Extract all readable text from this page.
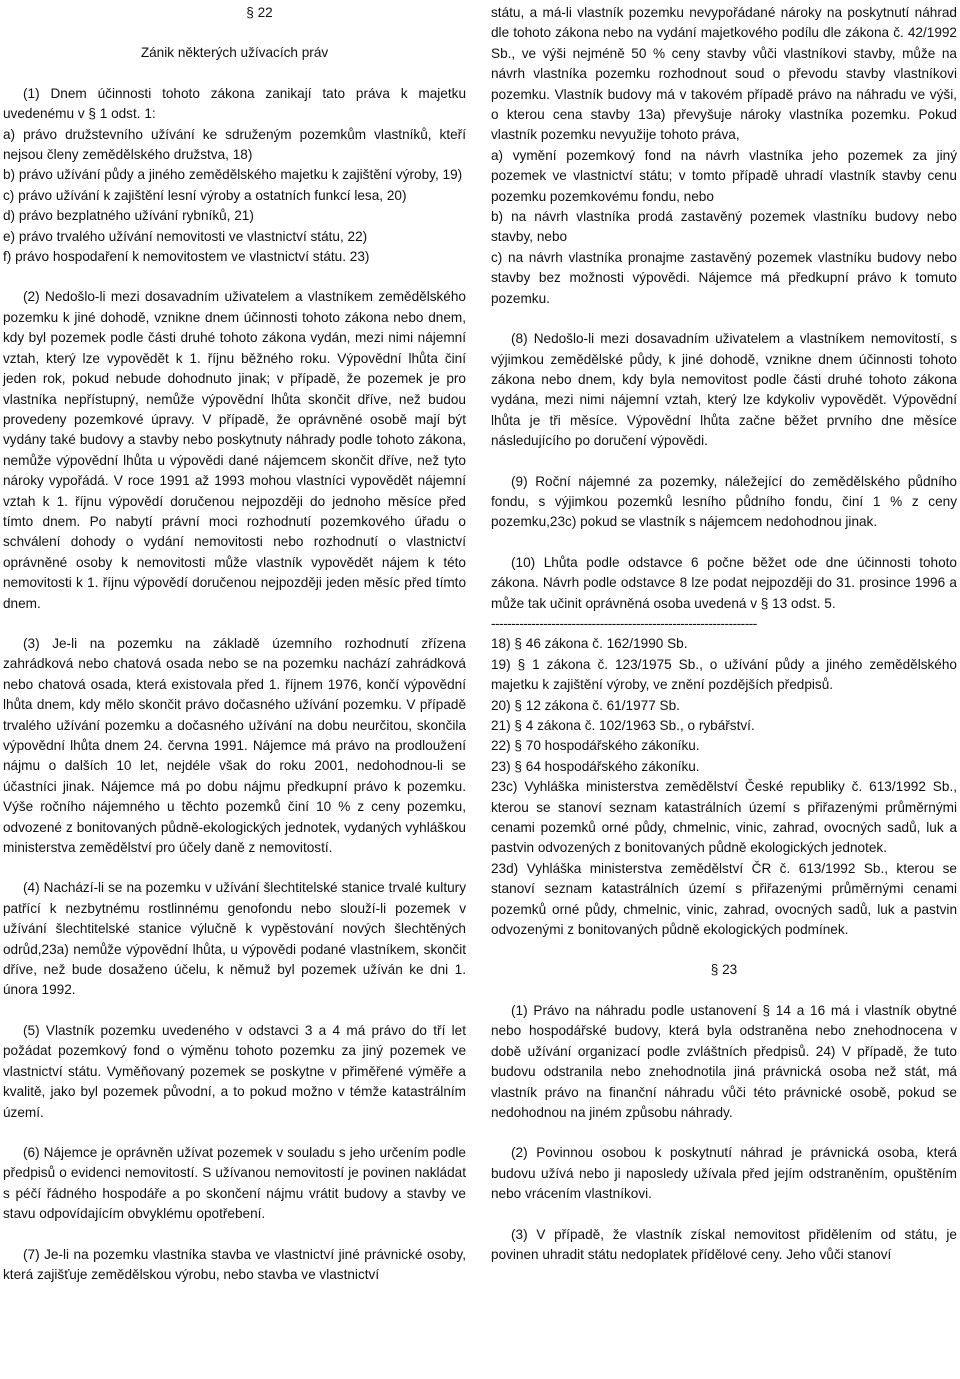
§ 22

Zánik některých užívacích práv

(1) Dnem účinnosti tohoto zákona zanikají tato práva k majetku uvedenému v § 1 odst. 1:

a) právo družstevního užívání ke sdruženým pozemkům vlastníků, kteří nejsou členy zemědělského družstva, 18)

b) právo užívání půdy a jiného zemědělského majetku k zajištění výroby, 19)

c) právo užívání k zajištění lesní výroby a ostatních funkcí lesa, 20)

d) právo bezplatného užívání rybníků, 21)

e) právo trvalého užívání nemovitosti ve vlastnictví státu, 22)

f) právo hospodaření k nemovitostem ve vlastnictví státu. 23)

(2) Nedošlo-li mezi dosavadním uživatelem a vlastníkem zemědělského pozemku k jiné dohodě, vznikne dnem účinnosti tohoto zákona nebo dnem, kdy byl pozemek podle části druhé tohoto zákona vydán, mezi nimi nájemní vztah, který lze vypovědět k 1. říjnu běžného roku. Výpovědní lhůta činí jeden rok, pokud nebude dohodnuto jinak; v případě, že pozemek je pro vlastníka nepřístupný, nemůže výpovědní lhůta skončit dříve, než budou provedeny pozemkové úpravy. V případě, že oprávněné osobě mají být vydány také budovy a stavby nebo poskytnuty náhrady podle tohoto zákona, nemůže výpovědní lhůta u výpovědi dané nájemcem skončit dříve, než tyto nároky vypořádá. V roce 1991 až 1993 mohou vlastníci vypovědět nájemní vztah k 1. říjnu výpovědí doručenou nejpozději do jednoho měsíce před tímto dnem. Po nabytí právní moci rozhodnutí pozemkového úřadu o schválení dohody o vydání nemovitosti nebo rozhodnutí o vlastnictví oprávněné osoby k nemovitosti může vlastník vypovědět nájem k této nemovitosti k 1. říjnu výpovědí doručenou nejpozději jeden měsíc před tímto dnem.

(3) Je-li na pozemku na základě územního rozhodnutí zřízena zahrádková nebo chatová osada nebo se na pozemku nachází zahrádková nebo chatová osada, která existovala před 1. říjnem 1976, končí výpovědní lhůta dnem, kdy mělo skončit právo dočasného užívání pozemku. V případě trvalého užívání pozemku a dočasného užívání na dobu neurčitou, skončila výpovědní lhůta dnem 24. června 1991. Nájemce má právo na prodloužení nájmu o dalších 10 let, nejdéle však do roku 2001, nedohodnou-li se účastníci jinak. Nájemce má po dobu nájmu předkupní právo k pozemku. Výše ročního nájemného u těchto pozemků činí 10 % z ceny pozemku, odvozené z bonitovaných půdně-ekologických jednotek, vydaných vyhláškou ministerstva zemědělství pro účely daně z nemovitostí.

(4) Nachází-li se na pozemku v užívání šlechtitelské stanice trvalé kultury patřící k nezbytnému rostlinnému genofondu nebo slouží-li pozemek v užívání šlechtitelské stanice výlučně k vypěstování nových šlechtěných odrůd,23a) nemůže výpovědní lhůta, u výpovědi podané vlastníkem, skončit dříve, než bude dosaženo účelu, k němuž byl pozemek užíván ke dni 1. února 1992.

(5) Vlastník pozemku uvedeného v odstavci 3 a 4 má právo do tří let požádat pozemkový fond o výměnu tohoto pozemku za jiný pozemek ve vlastnictví státu. Vyměňovaný pozemek se poskytne v přiměřené výměře a kvalitě, jako byl pozemek původní, a to pokud možno v témže katastrálním území.

(6) Nájemce je oprávněn užívat pozemek v souladu s jeho určením podle předpisů o evidenci nemovitostí. S užívanou nemovitostí je povinen nakládat s péčí řádného hospodáře a po skončení nájmu vrátit budovy a stavby ve stavu odpovídajícím obvyklému opotřebení.

(7) Je-li na pozemku vlastníka stavba ve vlastnictví jiné právnické osoby, která zajišťuje zemědělskou výrobu, nebo stavba ve vlastnictví

státu, a má-li vlastník pozemku nevypořádané nároky na poskytnutí náhrad dle tohoto zákona nebo na vydání majetkového podílu dle zákona č. 42/1992 Sb., ve výši nejméně 50 % ceny stavby vůči vlastníkovi stavby, může na návrh vlastníka pozemku rozhodnout soud o převodu stavby vlastníkovi pozemku. Vlastník budovy má v takovém případě právo na náhradu ve výši, o kterou cena stavby 13a) převyšuje nároky vlastníka pozemku. Pokud vlastník pozemku nevyužije tohoto práva,

a) vymění pozemkový fond na návrh vlastníka jeho pozemek za jiný pozemek ve vlastnictví státu; v tomto případě uhradí vlastník stavby cenu pozemku pozemkovému fondu, nebo

b) na návrh vlastníka prodá zastavěný pozemek vlastníku budovy nebo stavby, nebo

c) na návrh vlastníka pronajme zastavěný pozemek vlastníku budovy nebo stavby bez možnosti výpovědi. Nájemce má předkupní právo k tomuto pozemku.

(8) Nedošlo-li mezi dosavadním uživatelem a vlastníkem nemovitostí, s výjimkou zemědělské půdy, k jiné dohodě, vznikne dnem účinnosti tohoto zákona nebo dnem, kdy byla nemovitost podle části druhé tohoto zákona vydána, mezi nimi nájemní vztah, který lze kdykoliv vypovědět. Výpovědní lhůta je tři měsíce. Výpovědní lhůta začne běžet prvního dne měsíce následujícího po doručení výpovědi.

(9) Roční nájemné za pozemky, náležející do zemědělského půdního fondu, s výjimkou pozemků lesního půdního fondu, činí 1 % z ceny pozemku,23c) pokud se vlastník s nájemcem nedohodnou jinak.

(10) Lhůta podle odstavce 6 počne běžet ode dne účinnosti tohoto zákona. Návrh podle odstavce 8 lze podat nejpozději do 31. prosince 1996 a může tak učinit oprávněná osoba uvedená v § 13 odst. 5.

------------------------------------------------------------------

18) § 46 zákona č. 162/1990 Sb.

19) § 1 zákona č. 123/1975 Sb., o užívání půdy a jiného zemědělského majetku k zajištění výroby, ve znění pozdějších předpisů.

20) § 12 zákona č. 61/1977 Sb.

21) § 4 zákona č. 102/1963 Sb., o rybářství.

22) § 70 hospodářského zákoníku.

23) § 64 hospodářského zákoníku.

23c) Vyhláška ministerstva zemědělství České republiky č. 613/1992 Sb., kterou se stanoví seznam katastrálních území s přiřazenými průměrnými cenami pozemků orné půdy, chmelnic, vinic, zahrad, ovocných sadů, luk a pastvin odvozených z bonitovaných půdně ekologických jednotek.

23d) Vyhláška ministerstva zemědělství ČR č. 613/1992 Sb., kterou se stanoví seznam katastrálních území s přiřazenými průměrnými cenami pozemků orné půdy, chmelnic, vinic, zahrad, ovocných sadů, luk a pastvin odvozenými z bonitovaných půdně ekologických podmínek.

§ 23

(1) Právo na náhradu podle ustanovení § 14 a 16 má i vlastník obytné nebo hospodářské budovy, která byla odstraněna nebo znehodnocena v době užívání organizací podle zvláštních předpisů. 24) V případě, že tuto budovu odstranila nebo znehodnotila jiná právnická osoba než stát, má vlastník právo na finanční náhradu vůči této právnické osobě, pokud se nedohodnou na jiném způsobu náhrady.

(2) Povinnou osobou k poskytnutí náhrad je právnická osoba, která budovu užívá nebo ji naposledy užívala před jejím odstraněním, opuštěním nebo vrácením vlastníkovi.

(3) V případě, že vlastník získal nemovitost přidělením od státu, je povinen uhradit státu nedoplatek přídělové ceny. Jeho vůči stanoví
